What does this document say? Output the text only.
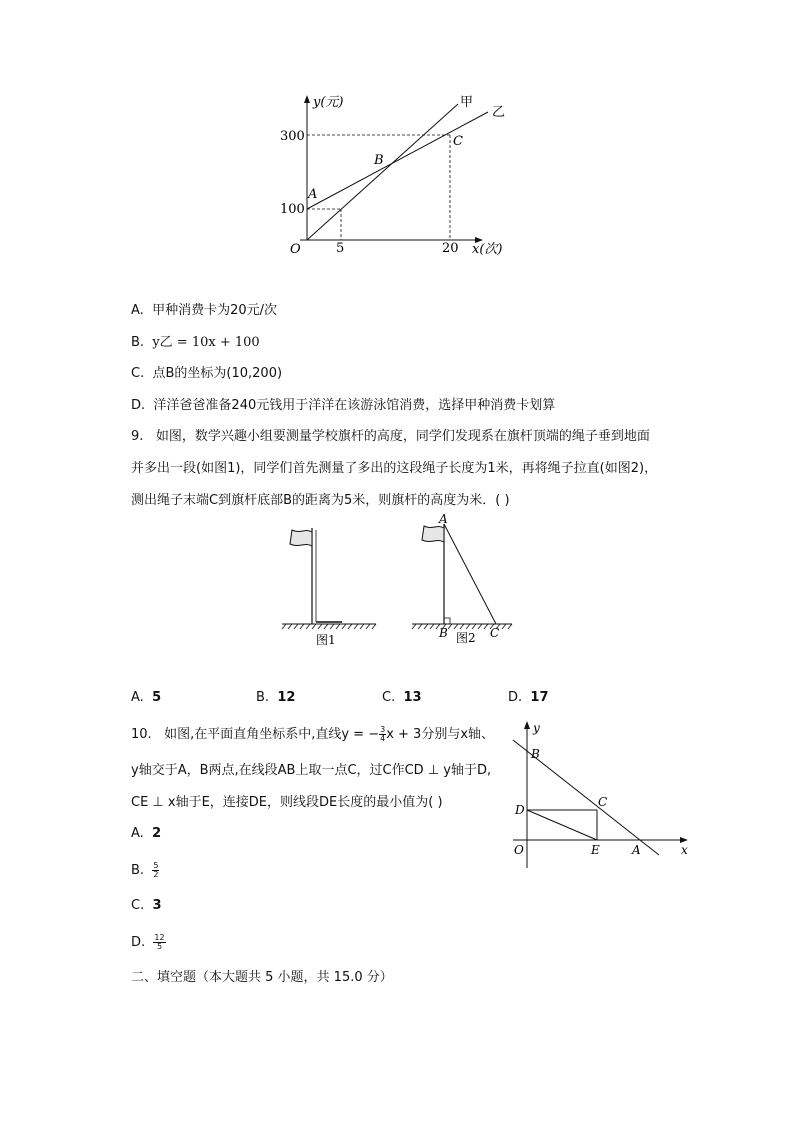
y(元)
x(次)
O
甲
乙
A
B
C
300
100
5	20
A. 甲种消费卡为20元/次
B. y乙 = 10x + 100
C. 点B的坐标为(10,200)
D. 洋洋爸爸准备240元钱用于洋洋在该游泳馆消费，选择甲种消费卡划算
9. 如图，数学兴趣小组要测量学校旗杆的高度，同学们发现系在旗杆顶端的绳子垂到地面
并多出一段(如图1)，同学们首先测量了多出的这段绳子长度为1米，再将绳子拉直(如图2)，
测出绳子末端C到旗杆底部B的距离为5米，则旗杆的高度为米．( )
图1
A
B	C
图2
A. 5	B. 12	C. 13	D. 17
10. 如图,在平面直角坐标系中,直线y = − $\frac{3}{4}$ x + 3分别与x轴、
y轴交于A，B两点,在线段AB上取一点C，过C作CD ⊥ y轴于D,
CE ⊥ x轴于E，连接DE，则线段DE长度的最小值为( )
A. 2
B. $\frac{5}{2}$
C. 3
D. $\frac{12}{5}$
y
x
O
B
D
C
E	A
二、填空题（本大题共 5 小题，共 15.0 分）
